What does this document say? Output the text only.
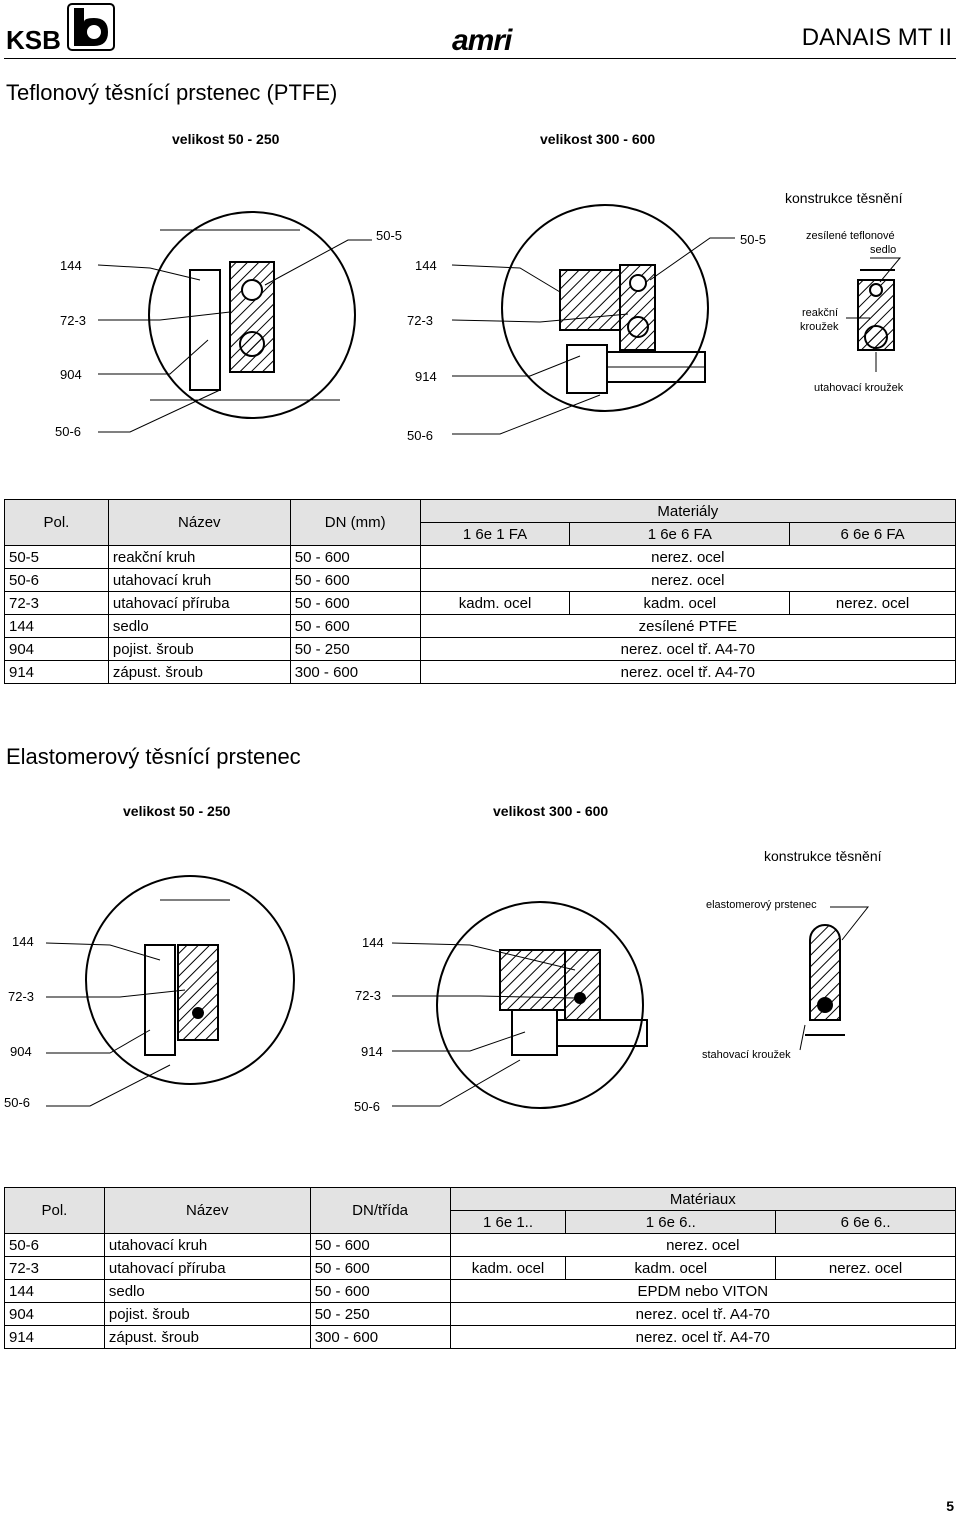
KSB	amri	DANAIS MT II
Teflonový těsnící prstenec (PTFE)
velikost 50 - 250	velikost 300 - 600
konstrukce těsnění
144
72-3
904
50-6
50-5
144
72-3
914
50-6
50-5	zesílené teflonové
sedlo
reakční
kroužek
utahovací kroužek
Pol.	Název	DN (mm)	Materiály		
			1 6e 1 FA	1 6e 6 FA	6 6e 6 FA
50-5	reakční kruh	50 - 600	nerez. ocel		
50-6	utahovací kruh	50 - 600	nerez. ocel		
72-3	utahovací příruba	50 - 600	kadm. ocel	kadm. ocel	nerez. ocel
144	sedlo	50 - 600	zesílené PTFE		
904	pojist. šroub	50 - 250	nerez. ocel tř. A4-70		
914	zápust. šroub	300 - 600	nerez. ocel tř. A4-70		
Elastomerový těsnící prstenec
velikost 50 - 250	velikost 300 - 600
konstrukce těsnění
144
72-3
904
50-6
144
72-3
914
50-6
elastomerový prstenec
stahovací kroužek
Pol.	Název	DN/třída	Matériaux		
			1 6e 1..	1 6e 6..	6 6e 6..
50-6	utahovací kruh	50 - 600	nerez. ocel		
72-3	utahovací příruba	50 - 600	kadm. ocel	kadm. ocel	nerez. ocel
144	sedlo	50 - 600	EPDM nebo VITON		
904	pojist. šroub	50 - 250	nerez. ocel tř. A4-70		
914	zápust. šroub	300 - 600	nerez. ocel tř. A4-70		
5
